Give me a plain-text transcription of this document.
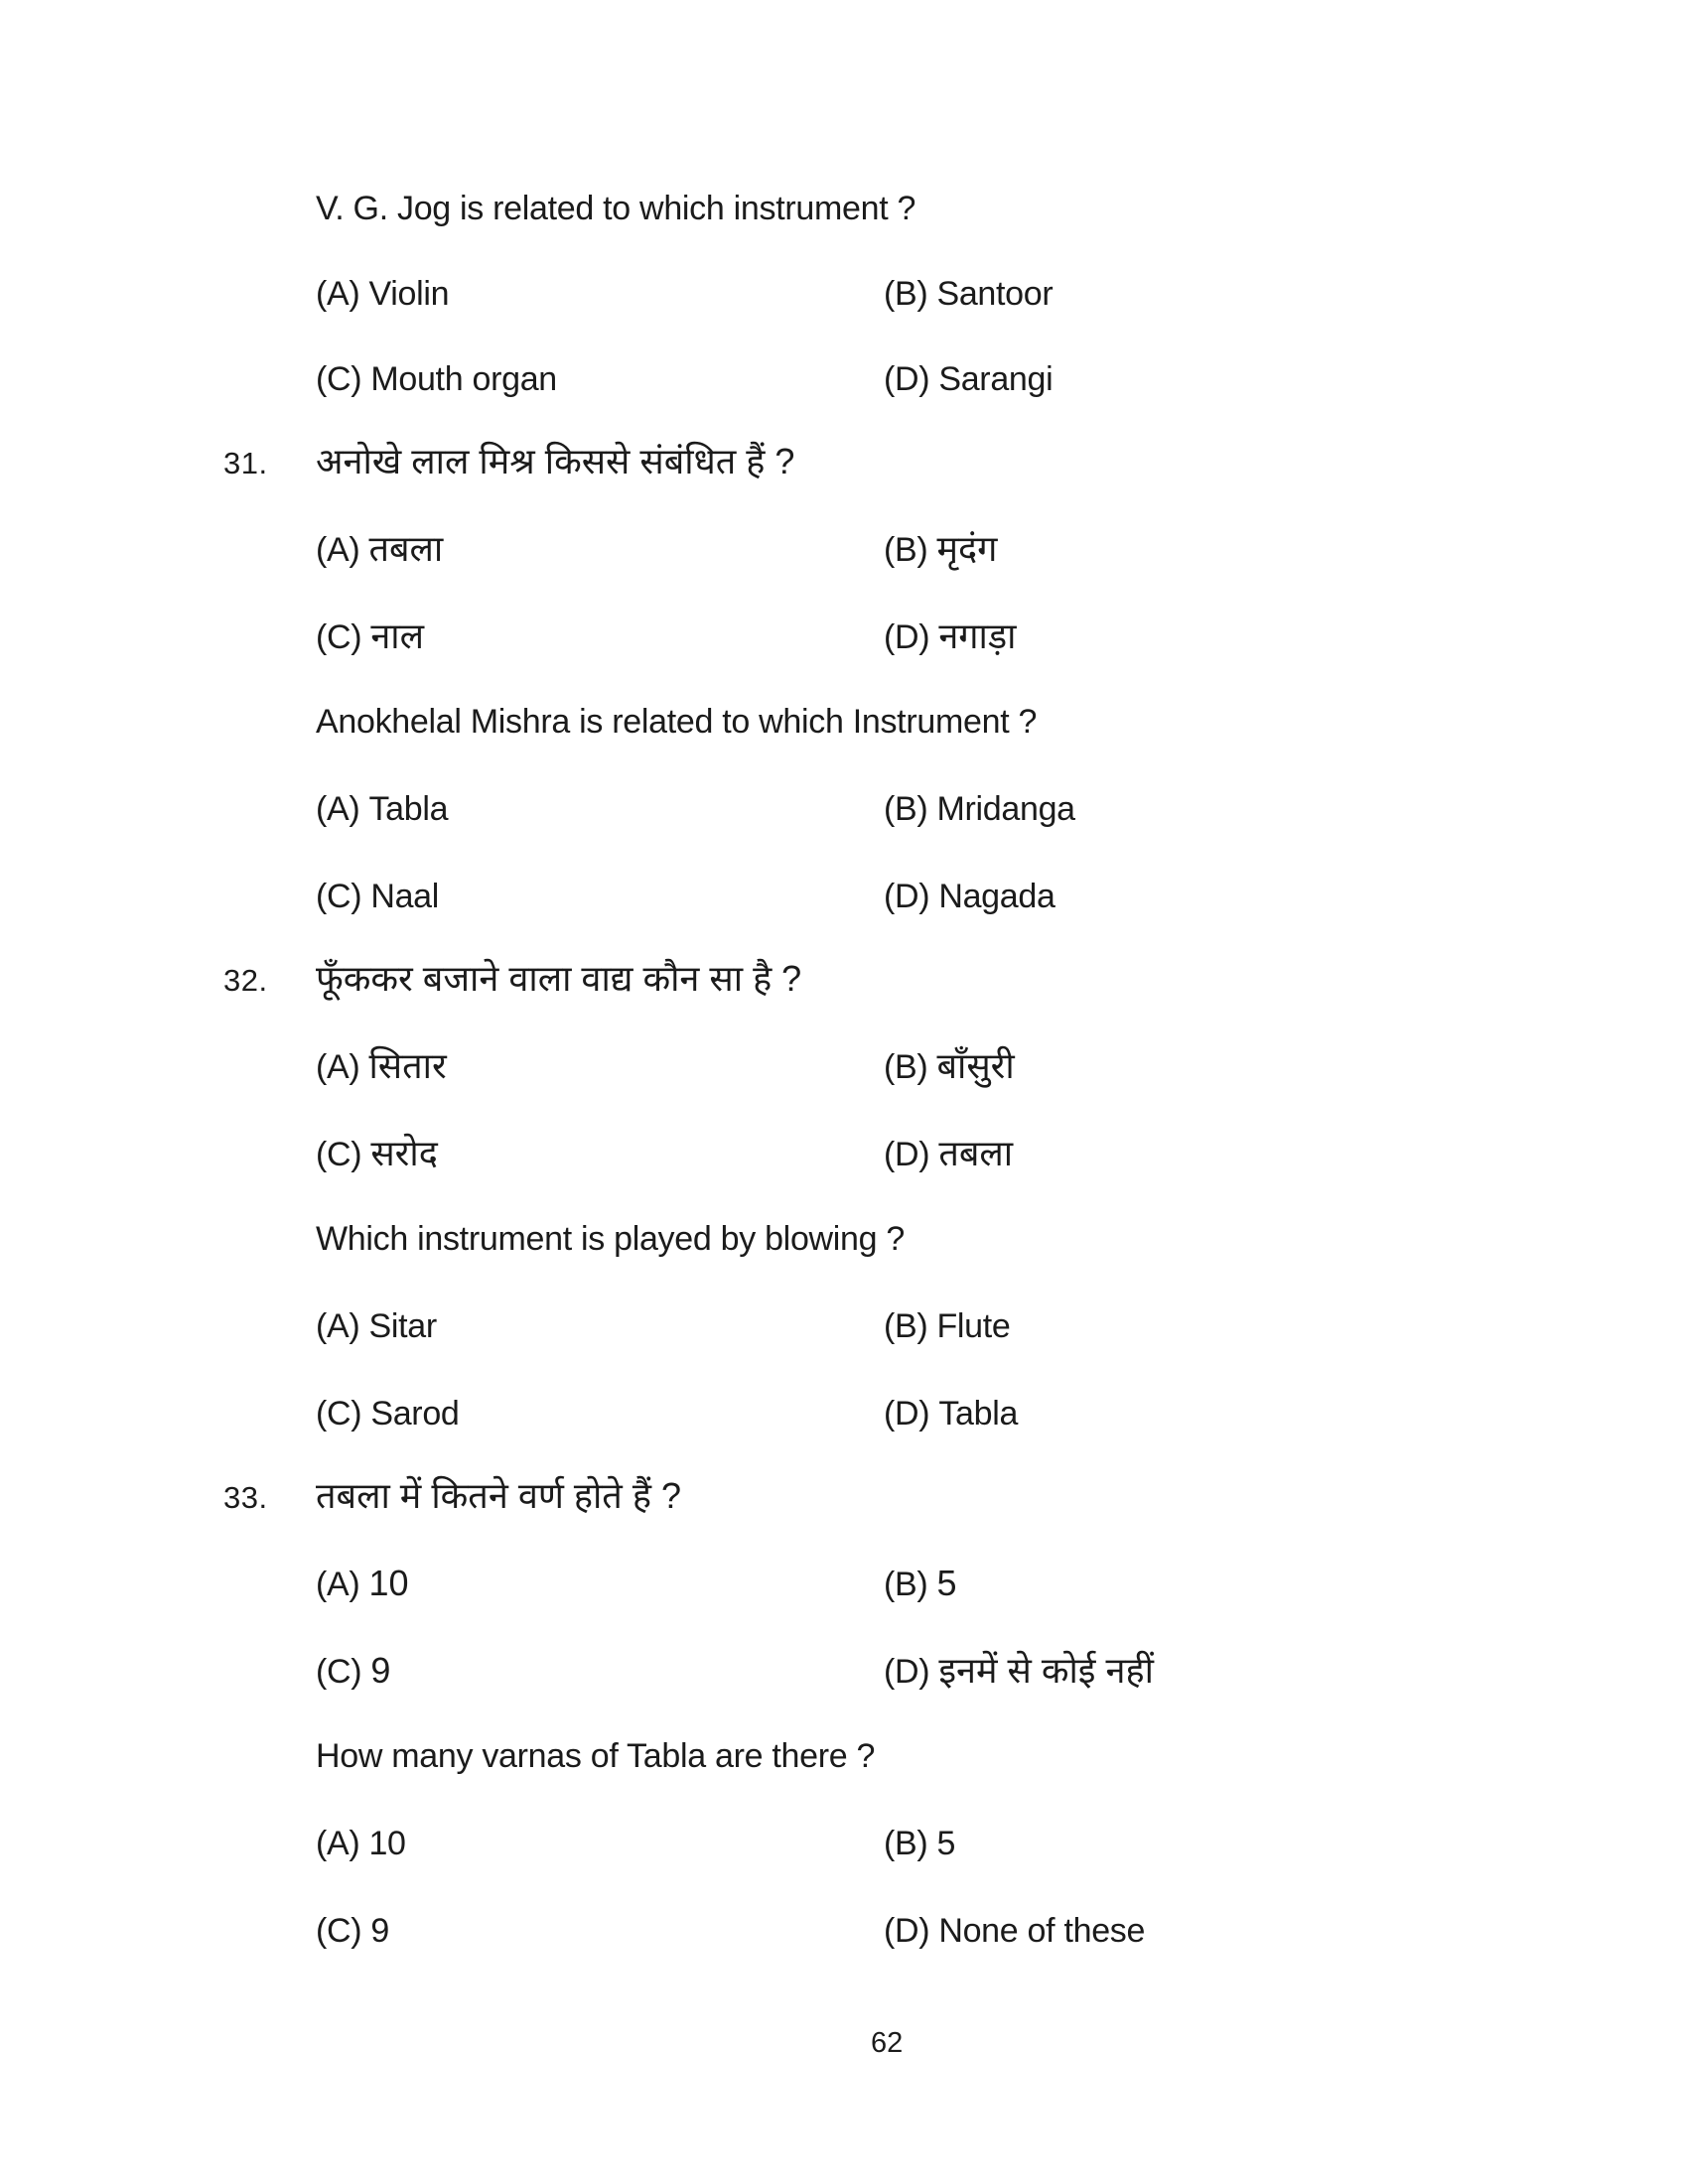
V. G. Jog is related to which instrument ?
(A) Violin	(B) Santoor
(C) Mouth organ	(D) Sarangi
31. अनोखे लाल मिश्र किससे संबंधित हैं ?
(A) तबला	(B) मृदंग
(C) नाल	(D) नगाड़ा
Anokhelal Mishra is related to which Instrument ?
(A) Tabla	(B) Mridanga
(C) Naal	(D) Nagada
32. फूँककर बजाने वाला वाद्य कौन सा है ?
(A) सितार	(B) बाँसुरी
(C) सरोद	(D) तबला
Which instrument is played by blowing ?
(A) Sitar	(B) Flute
(C) Sarod	(D) Tabla
33. तबला में कितने वर्ण होते हैं ?
(A) 10	(B) 5
(C) 9	(D) इनमें से कोई नहीं
How many varnas of Tabla are there ?
(A) 10	(B) 5
(C) 9	(D) None of these
62
